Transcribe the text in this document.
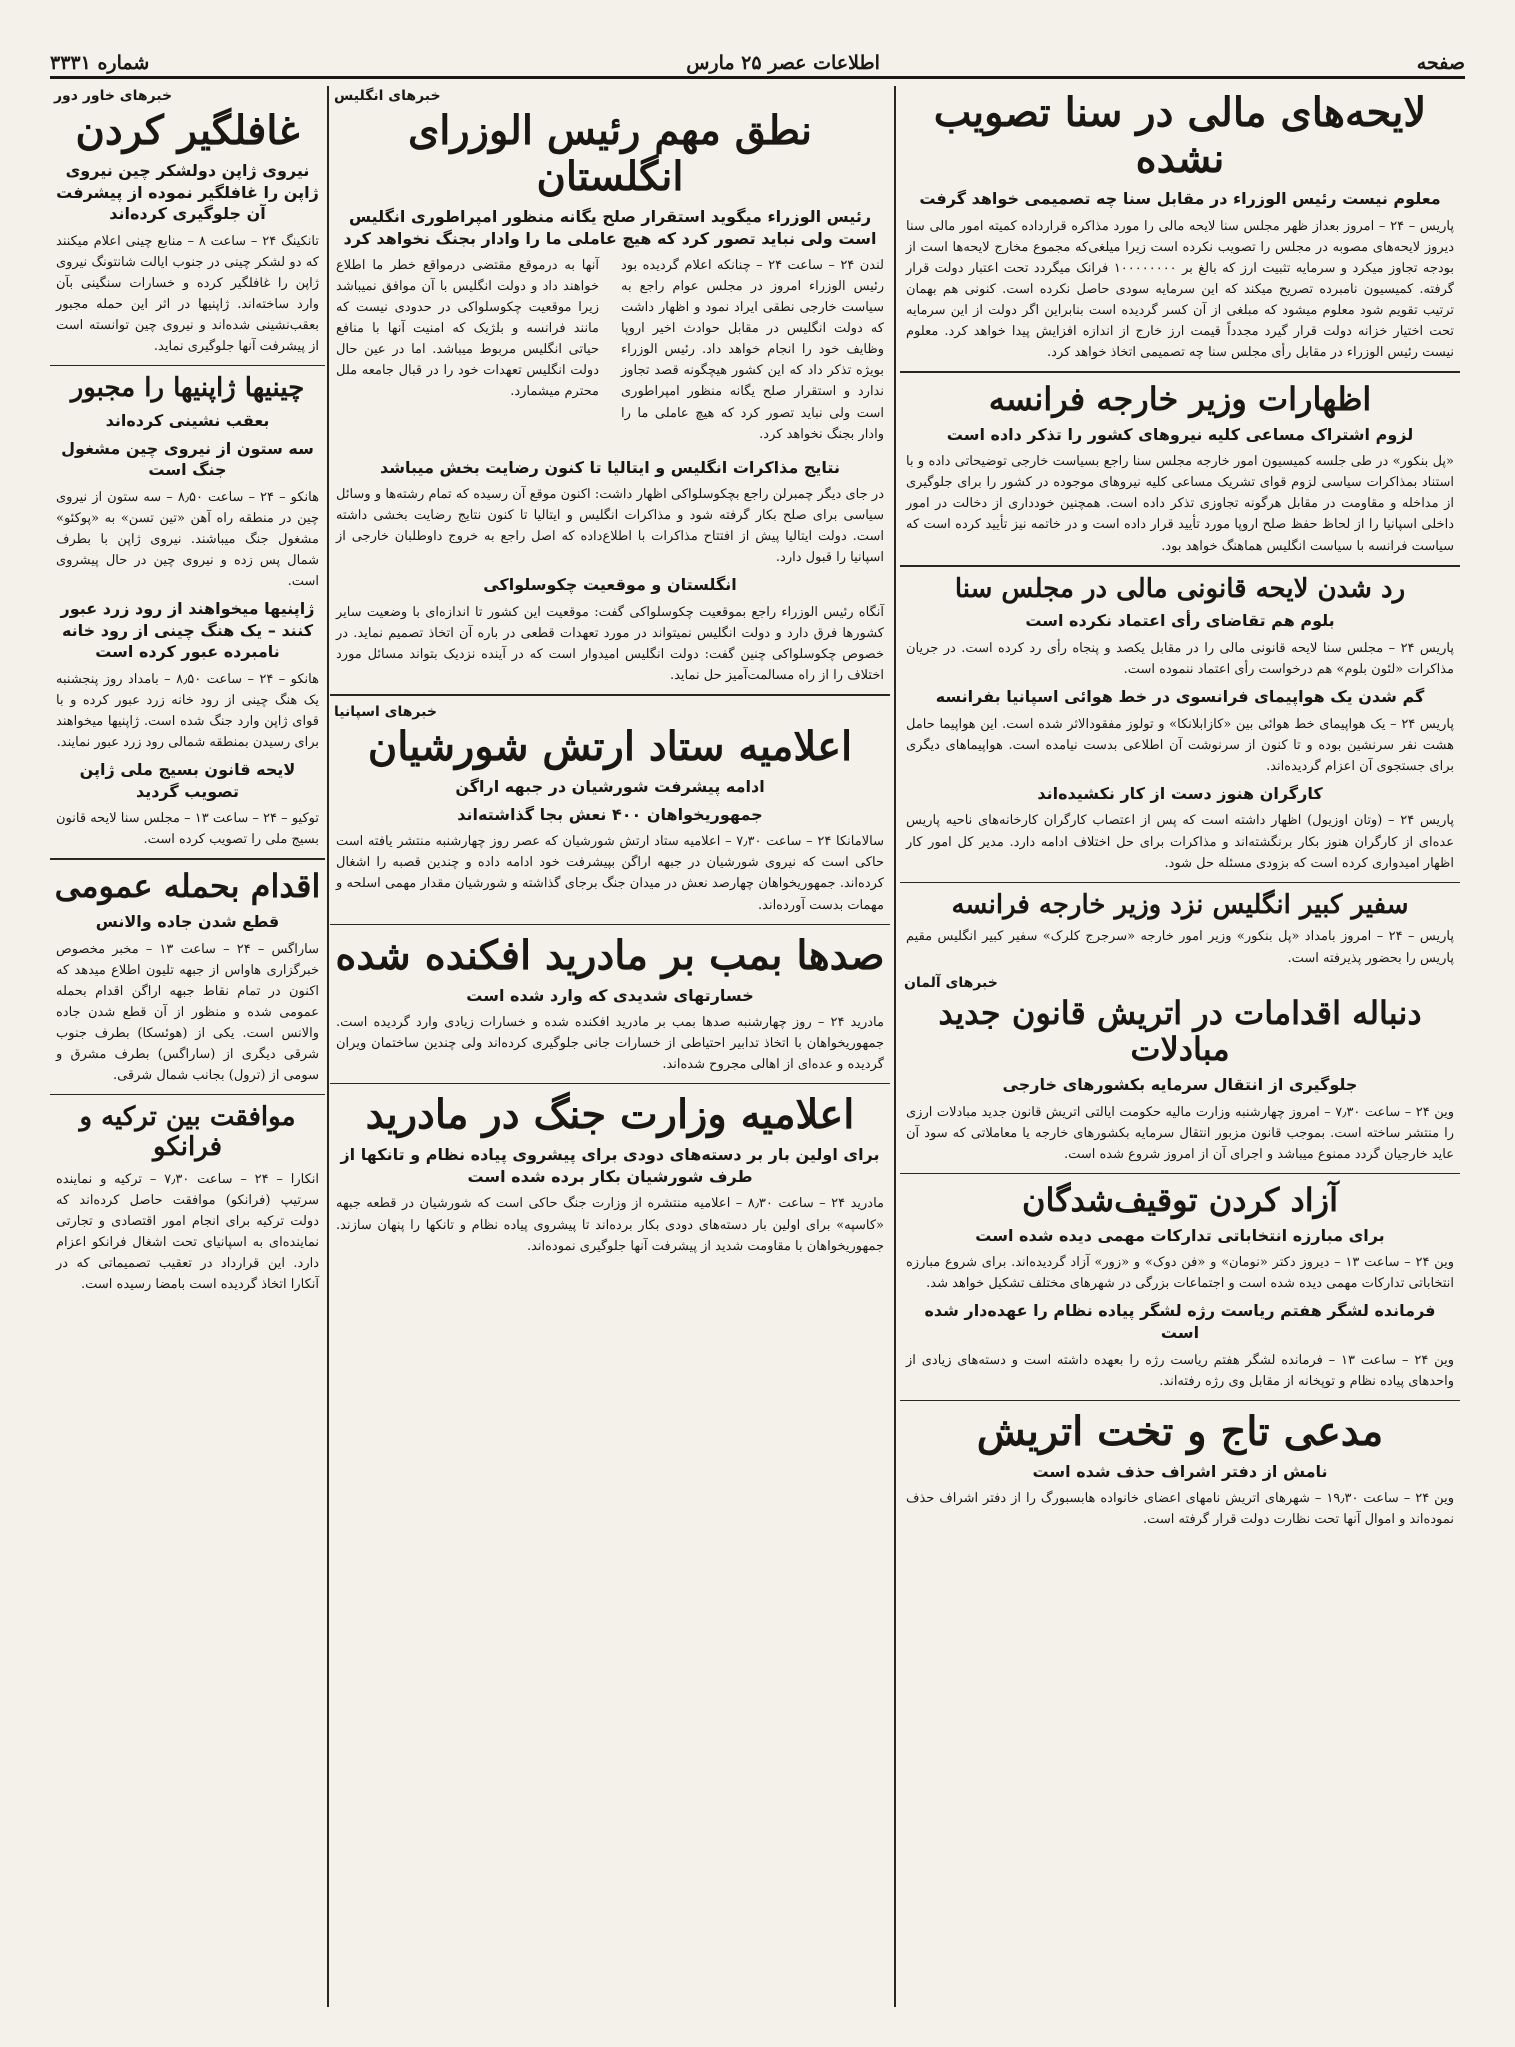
صفحه
اطلاعات عصر ۲۵ مارس
شماره ۳۳۳۱
لایحه‌های مالی در سنا تصویب نشده
معلوم نیست رئیس الوزراء در مقابل سنا چه تصمیمی خواهد گرفت
پاریس – ۲۴ – امروز بعداز ظهر مجلس سنا لایحه مالی را مورد مذاکره قرارداده کمیته امور مالی سنا دیروز لایحه‌های مصوبه در مجلس را تصویب نکرده است زیرا میلغی‌که مجموع مخارج لایحه‌ها است از بودجه تجاوز میکرد و سرمایه تثبیت ارز که بالغ بر ۱۰۰۰۰۰۰۰۰ فرانک میگردد تحت اعتبار دولت قرار گرفته. کمیسیون نامبرده تصریح میکند که این سرمایه سودی حاصل نکرده است. کنونی هم بهمان ترتیب تقویم شود معلوم میشود که مبلغی از آن کسر گردیده است بنابراین اگر دولت از این سرمایه تحت اختیار خزانه دولت قرار گیرد مجدداً قیمت ارز خارج از اندازه افزایش پیدا خواهد کرد. معلوم نیست رئیس الوزراء در مقابل رأی مجلس سنا چه تصمیمی اتخاذ خواهد کرد.
اظهارات وزیر خارجه فرانسه
لزوم اشتراک مساعی کلیه نیروهای کشور را تذکر داده است
«پل بنکور» در طی جلسه کمیسیون امور خارجه مجلس سنا راجع بسیاست خارجی توضیحاتی داده و با استناد بمذاکرات سیاسی لزوم قوای تشریک مساعی کلیه نیروهای موجوده در کشور را برای جلوگیری از مداخله و مقاومت در مقابل هرگونه تجاوزی تذکر داده است. همچنین خودداری از دخالت در امور داخلی اسپانیا را از لحاظ حفظ صلح اروپا مورد تأیید قرار داده است و در خاتمه نیز تأیید کرده است که سیاست فرانسه با سیاست انگلیس هماهنگ خواهد بود.
رد شدن لایحه قانونی مالی در مجلس سنا
بلوم هم تقاضای رأی اعتماد نکرده است
پاریس ۲۴ – مجلس سنا لایحه قانونی مالی را در مقابل یکصد و پنجاه رأی رد کرده است. در جریان مذاکرات «لئون بلوم» هم درخواست رأی اعتماد ننموده است.
گم شدن یک هواپیمای فرانسوی در خط هوائی اسپانیا بفرانسه
پاریس ۲۴ – یک هواپیمای خط هوائی بین «کازابلانکا» و تولوز مفقودالاثر شده است. این هواپیما حامل هشت نفر سرنشین بوده و تا کنون از سرنوشت آن اطلاعی بدست نیامده است. هواپیماهای دیگری برای جستجوی آن اعزام گردیده‌اند.
کارگران هنوز دست از کار نکشیده‌اند
پاریس ۲۴ – (وتان اوزیول) اظهار داشته است که پس از اعتصاب کارگران کارخانه‌های ناحیه پاریس عده‌ای از کارگران هنوز بکار برنگشته‌اند و مذاکرات برای حل اختلاف ادامه دارد. مدیر کل امور کار اظهار امیدواری کرده است که بزودی مسئله حل شود.
سفیر کبیر انگلیس نزد وزیر خارجه فرانسه
پاریس – ۲۴ – امروز بامداد «پل بنکور» وزیر امور خارجه «سرجرج کلرک» سفیر کبیر انگلیس مقیم پاریس را بحضور پذیرفته است.
خبرهای آلمان
دنباله اقدامات در اتریش قانون جدید مبادلات
جلوگیری از انتقال سرمایه بکشورهای خارجی
وین ۲۴ – ساعت ۷٫۳۰ – امروز چهارشنبه وزارت مالیه حکومت ایالتی اتریش قانون جدید مبادلات ارزی را منتشر ساخته است. بموجب قانون مزبور انتقال سرمایه بکشورهای خارجه یا معاملاتی که سود آن عاید خارجیان گردد ممنوع میباشد و اجرای آن از امروز شروع شده است.
آزاد کردن توقیف‌شدگان
برای مبارزه انتخاباتی تدارکات مهمی دیده شده است
وین ۲۴ – ساعت ۱۳ – دیروز دکتر «نومان» و «فن دوک» و «زور» آزاد گردیده‌اند. برای شروع مبارزه انتخاباتی تدارکات مهمی دیده شده است و اجتماعات بزرگی در شهرهای مختلف تشکیل خواهد شد.
فرمانده لشگر هفتم ریاست رژه لشگر پیاده نظام را عهده‌دار شده است
وین ۲۴ – ساعت ۱۳ – فرمانده لشگر هفتم ریاست رژه را بعهده داشته است و دسته‌های زیادی از واحدهای پیاده نظام و توپخانه از مقابل وی رژه رفته‌اند.
مدعی تاج و تخت اتریش
نامش از دفتر اشراف حذف شده است
وین ۲۴ – ساعت ۱۹٫۳۰ – شهرهای اتریش نامهای اعضای خانواده هابسبورگ را از دفتر اشراف حذف نموده‌اند و اموال آنها تحت نظارت دولت قرار گرفته است.
خبرهای انگلیس
نطق مهم رئیس الوزرای انگلستان
رئیس الوزراء میگوید استقرار صلح یگانه منظور امپراطوری انگلیس است ولی نباید تصور کرد که هیچ عاملی ما را وادار بجنگ نخواهد کرد
لندن ۲۴ – ساعت ۲۴ – چنانکه اعلام گردیده بود رئیس الوزراء امروز در مجلس عوام راجع به سیاست خارجی نطقی ایراد نمود و اظهار داشت که دولت انگلیس در مقابل حوادث اخیر اروپا وظایف خود را انجام خواهد داد. رئیس الوزراء بویژه تذکر داد که این کشور هیچگونه قصد تجاوز ندارد و استقرار صلح یگانه منظور امپراطوری است ولی نباید تصور کرد که هیچ عاملی ما را وادار بجنگ نخواهد کرد.
آنها به درموقع مقتضی درمواقع خطر ما اطلاع خواهند داد و دولت انگلیس با آن موافق نمیباشد زیرا موقعیت چکوسلواکی در حدودی نیست که مانند فرانسه و بلژیک که امنیت آنها با منافع حیاتی انگلیس مربوط میباشد. اما در عین حال دولت انگلیس تعهدات خود را در قبال جامعه ملل محترم میشمارد.
نتایج مذاکرات انگلیس و ایتالیا تا کنون رضایت بخش میباشد
در جای دیگر چمبرلن راجع بچکوسلواکی اظهار داشت: اکنون موقع آن رسیده که تمام رشته‌ها و وسائل سیاسی برای صلح بکار گرفته شود و مذاکرات انگلیس و ایتالیا تا کنون نتایج رضایت بخشی داشته است. دولت ایتالیا پیش از افتتاح مذاکرات با اطلاع‌داده که اصل راجع به خروج داوطلبان خارجی از اسپانیا را قبول دارد.
انگلستان و موقعیت چکوسلواکی
آنگاه رئیس الوزراء راجع بموقعیت چکوسلواکی گفت: موقعیت این کشور تا اندازه‌ای با وضعیت سایر کشورها فرق دارد و دولت انگلیس نمیتواند در مورد تعهدات قطعی در باره آن اتخاذ تصمیم نماید. در خصوص چکوسلواکی چنین گفت: دولت انگلیس امیدوار است که در آینده نزدیک بتواند مسائل مورد اختلاف را از راه مسالمت‌آمیز حل نماید.
خبرهای اسپانیا
اعلامیه ستاد ارتش شورشیان
ادامه پیشرفت شورشیان در جبهه اراگن
جمهوریخواهان ۴۰۰ نعش بجا گذاشته‌اند
سالامانکا ۲۴ – ساعت ۷٫۳۰ – اعلامیه ستاد ارتش شورشیان که عصر روز چهارشنبه منتشر یافته است حاکی است که نیروی شورشیان در جبهه اراگن بپیشرفت خود ادامه داده و چندین قصبه را اشغال کرده‌اند. جمهوریخواهان چهارصد نعش در میدان جنگ برجای گذاشته و شورشیان مقدار مهمی اسلحه و مهمات بدست آورده‌اند.
صدها بمب بر مادرید افکنده شده
خسارتهای شدیدی که وارد شده است
مادرید ۲۴ – روز چهارشنبه صدها بمب بر مادرید افکنده شده و خسارات زیادی وارد گردیده است. جمهوریخواهان با اتخاذ تدابیر احتیاطی از خسارات جانی جلوگیری کرده‌اند ولی چندین ساختمان ویران گردیده و عده‌ای از اهالی مجروح شده‌اند.
اعلامیه وزارت جنگ در مادرید
برای اولین بار بر دسته‌های دودی برای پیشروی پیاده نظام و تانکها از طرف شورشیان بکار برده شده است
مادرید ۲۴ – ساعت ۸٫۳۰ – اعلامیه منتشره از وزارت جنگ حاکی است که شورشیان در قطعه جبهه «کاسپه» برای اولین بار دسته‌های دودی بکار برده‌اند تا پیشروی پیاده نظام و تانکها را پنهان سازند. جمهوریخواهان با مقاومت شدید از پیشرفت آنها جلوگیری نموده‌اند.
خبرهای خاور دور
غافلگیر کردن
نیروی ژاپن دولشکر چین نیروی ژاپن را غافلگیر نموده از پیشرفت آن جلوگیری کرده‌اند
تانکینگ ۲۴ – ساعت ۸ – منابع چینی اعلام میکنند که دو لشکر چینی در جنوب ایالت شانتونگ نیروی ژاپن را غافلگیر کرده و خسارات سنگینی بآن وارد ساخته‌اند. ژاپنیها در اثر این حمله مجبور بعقب‌نشینی شده‌اند و نیروی چین توانسته است از پیشرفت آنها جلوگیری نماید.
چینیها ژاپنیها را مجبور
بعقب نشینی کرده‌اند
سه ستون از نیروی چین مشغول جنگ است
هانکو – ۲۴ – ساعت ۸٫۵۰ – سه ستون از نیروی چین در منطقه راه آهن «تین تسن» به «پوکئو» مشغول جنگ میباشند. نیروی ژاپن با بطرف شمال پس زده و نیروی چین در حال پیشروی است.
ژاپنیها میخواهند از رود زرد عبور کنند – یک هنگ چینی از رود خانه نامبرده عبور کرده است
هانکو – ۲۴ – ساعت ۸٫۵۰ – بامداد روز پنجشنبه یک هنگ چینی از رود خانه زرد عبور کرده و با قوای ژاپن وارد جنگ شده است. ژاپنیها میخواهند برای رسیدن بمنطقه شمالی رود زرد عبور نمایند.
لایحه قانون بسیج ملی ژاپن تصویب گردید
توکیو – ۲۴ – ساعت ۱۳ – مجلس سنا لایحه قانون بسیج ملی را تصویب کرده است.
اقدام بحمله عمومی
قطع شدن جاده والانس
ساراگس – ۲۴ – ساعت ۱۳ – مخبر مخصوص خبرگزاری هاواس از جبهه تلیون اطلاع میدهد که اکنون در تمام نقاط جبهه اراگن اقدام بحمله عمومی شده و منظور از آن قطع شدن جاده والانس است. یکی از (هوئسکا) بطرف جنوب شرقی دیگری از (ساراگس) بطرف مشرق و سومی از (ترول) بجانب شمال شرقی.
موافقت بین ترکیه و فرانکو
انکارا – ۲۴ – ساعت ۷٫۳۰ – ترکیه و نماینده سرتیپ (فرانکو) موافقت حاصل کرده‌اند که دولت ترکیه برای انجام امور اقتصادی و تجارتی نماینده‌ای به اسپانیای تحت اشغال فرانکو اعزام دارد. این قرارداد در تعقیب تصمیماتی که در آنکارا اتخاذ گردیده است بامضا رسیده است.
